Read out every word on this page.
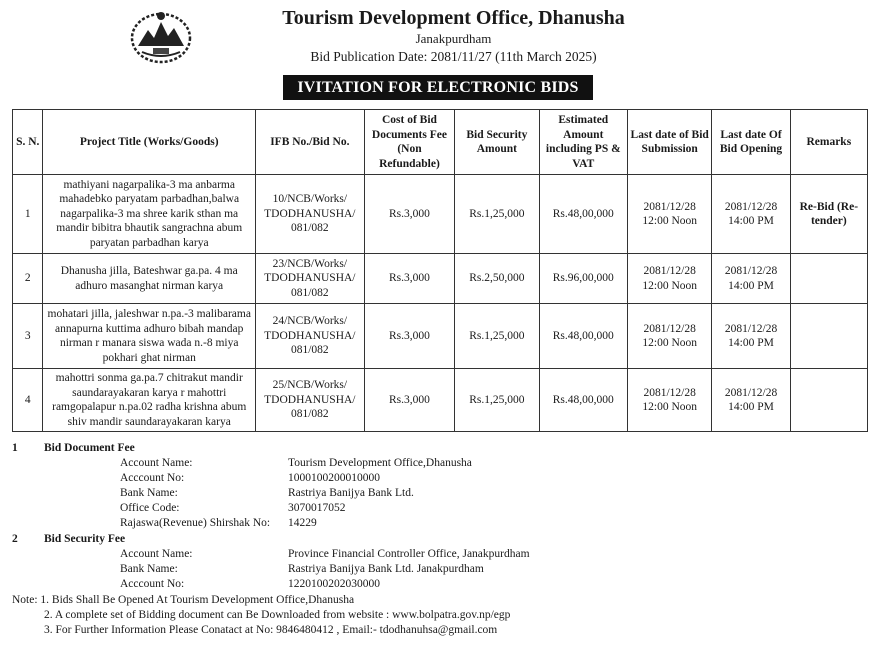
Tourism Development Office, Dhanusha
Janakpurdham
Bid Publication Date: 2081/11/27 (11th March 2025)
IVITATION FOR ELECTRONIC BIDS
S. N.	Project Title (Works/Goods)	IFB No./Bid No.	Cost of Bid Documents Fee (Non Refundable)	Bid Security Amount	Estimated Amount including PS & VAT	Last date of Bid Submission	Last date Of Bid Opening	Remarks
1	mathiyani nagarpalika-3 ma anbarma mahadebko paryatam parbadhan,balwa nagarpalika-3 ma shree karik sthan ma mandir bibitra bhautik sangrachna abum paryatan parbadhan karya	10/NCB/Works/ TDODHANUSHA/ 081/082	Rs.3,000	Rs.1,25,000	Rs.48,00,000	2081/12/28 12:00 Noon	2081/12/28 14:00 PM	Re-Bid (Re-tender)
2	Dhanusha jilla, Bateshwar ga.pa. 4 ma adhuro masanghat nirman karya	23/NCB/Works/ TDODHANUSHA/ 081/082	Rs.3,000	Rs.2,50,000	Rs.96,00,000	2081/12/28 12:00 Noon	2081/12/28 14:00 PM	
3	mohatari jilla, jaleshwar n.pa.-3 malibarama annapurna kuttima adhuro bibah mandap nirman r manara siswa wada n.-8 miya pokhari ghat nirman	24/NCB/Works/ TDODHANUSHA/ 081/082	Rs.3,000	Rs.1,25,000	Rs.48,00,000	2081/12/28 12:00 Noon	2081/12/28 14:00 PM	
4	mahottri sonma ga.pa.7 chitrakut mandir saundarayakaran karya r mahottri ramgopalapur n.pa.02 radha krishna abum shiv mandir saundarayakaran karya	25/NCB/Works/ TDODHANUSHA/ 081/082	Rs.3,000	Rs.1,25,000	Rs.48,00,000	2081/12/28 12:00 Noon	2081/12/28 14:00 PM	
1 Bid Document Fee
Account Name:	Tourism Development Office,Dhanusha
Acccount No:	1000100200010000
Bank Name:	Rastriya Banijya Bank Ltd.
Office Code:	3070017052
Rajaswa(Revenue) Shirshak No: 14229
2 Bid Security Fee
Account Name:	Province Financial Controller Office, Janakpurdham
Bank Name:	Rastriya Banijya Bank Ltd. Janakpurdham
Acccount No:	1220100202030000
Note: 1. Bids Shall Be Opened At Tourism Development Office,Dhanusha
2. A complete set of Bidding document can Be Downloaded from website : www.bolpatra.gov.np/egp
3. For Further Information Please Conatact at No: 9846480412 , Email:- tdodhanuhsa@gmail.com
